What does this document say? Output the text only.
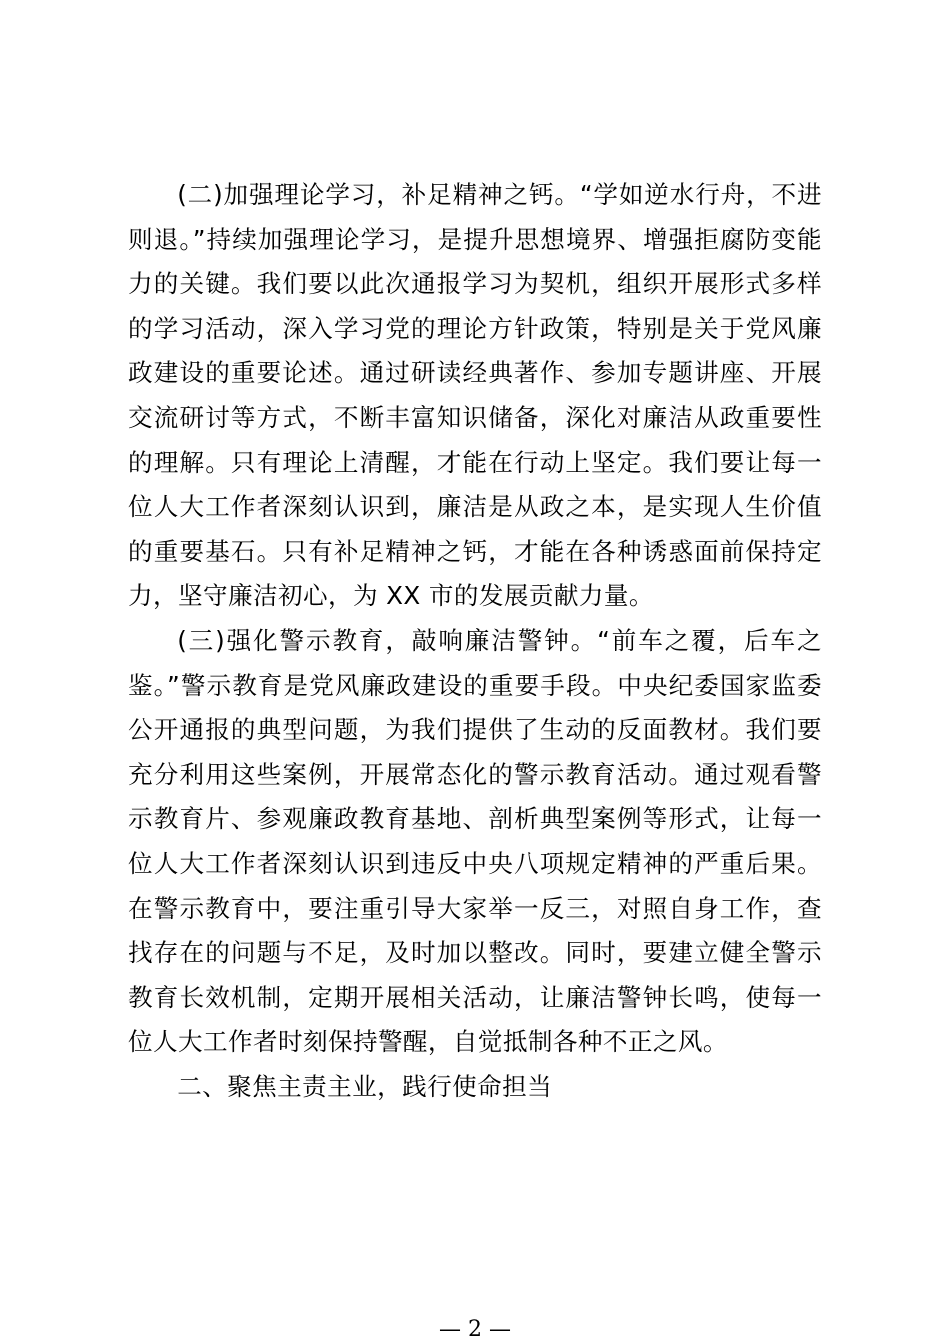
(二)加强理论学习，补足精神之钙。“学如逆水行舟，不进则退。”持续加强理论学习，是提升思想境界、增强拒腐防变能力的关键。我们要以此次通报学习为契机，组织开展形式多样的学习活动，深入学习党的理论方针政策，特别是关于党风廉政建设的重要论述。通过研读经典著作、参加专题讲座、开展交流研讨等方式，不断丰富知识储备，深化对廉洁从政重要性的理解。只有理论上清醒，才能在行动上坚定。我们要让每一位人大工作者深刻认识到，廉洁是从政之本，是实现人生价值的重要基石。只有补足精神之钙，才能在各种诱惑面前保持定力，坚守廉洁初心，为 XX 市的发展贡献力量。

(三)强化警示教育，敲响廉洁警钟。“前车之覆，后车之鉴。”警示教育是党风廉政建设的重要手段。中央纪委国家监委公开通报的典型问题，为我们提供了生动的反面教材。我们要充分利用这些案例，开展常态化的警示教育活动。通过观看警示教育片、参观廉政教育基地、剖析典型案例等形式，让每一位人大工作者深刻认识到违反中央八项规定精神的严重后果。在警示教育中，要注重引导大家举一反三，对照自身工作，查找存在的问题与不足，及时加以整改。同时，要建立健全警示教育长效机制，定期开展相关活动，让廉洁警钟长鸣，使每一位人大工作者时刻保持警醒，自觉抵制各种不正之风。

二、聚焦主责主业，践行使命担当

— 2 —
